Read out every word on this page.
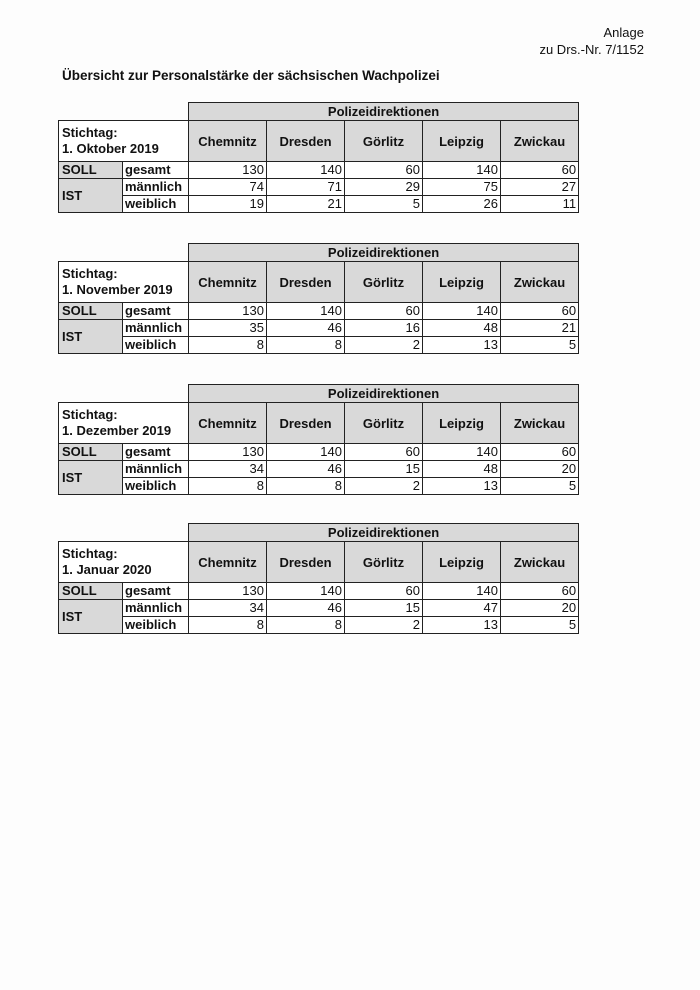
Anlage
zu Drs.-Nr. 7/1152
Übersicht zur Personalstärke der sächsischen Wachpolizei
		Polizeidirektionen				

Stichtag:
1. Oktober 2019		Chemnitz	Dresden	Görlitz	Leipzig	Zwickau
SOLL	gesamt	130	140	60	140	60
IST	männlich	74	71	29	75	27
	weiblich	19	21	5	26	11
		Polizeidirektionen				

Stichtag:
1. November 2019		Chemnitz	Dresden	Görlitz	Leipzig	Zwickau
SOLL	gesamt	130	140	60	140	60
IST	männlich	35	46	16	48	21
	weiblich	8	8	2	13	5
		Polizeidirektionen				

Stichtag:
1. Dezember 2019		Chemnitz	Dresden	Görlitz	Leipzig	Zwickau
SOLL	gesamt	130	140	60	140	60
IST	männlich	34	46	15	48	20
	weiblich	8	8	2	13	5
		Polizeidirektionen				

Stichtag:
1. Januar 2020		Chemnitz	Dresden	Görlitz	Leipzig	Zwickau
SOLL	gesamt	130	140	60	140	60
IST	männlich	34	46	15	47	20
	weiblich	8	8	2	13	5
